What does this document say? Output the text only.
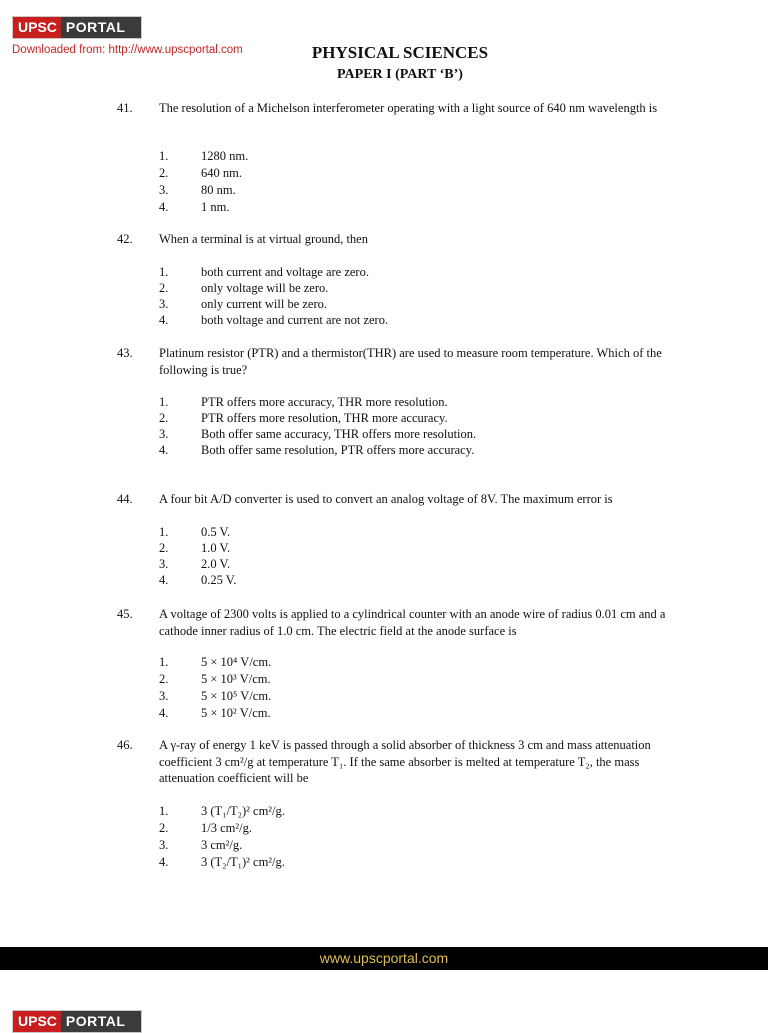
UPSC PORTAL
Downloaded from: http://www.upscportal.com	PHYSICAL SCIENCES
PAPER I (PART ‘B’)
41. The resolution of a Michelson interferometer operating with a light source of 640 nm wavelength is
1.	1280 nm.
2.	640 nm.
3.	80 nm.
4.	1 nm.
42. When a terminal is at virtual ground, then
1.	both current and voltage are zero.
2.	only voltage will be zero.
3.	only current will be zero.
4.	both voltage and current are not zero.
43. Platinum resistor (PTR) and a thermistor(THR) are used to measure room temperature. Which of the following is true?
1.	PTR offers more accuracy, THR more resolution.
2.	PTR offers more resolution, THR more accuracy.
3.	Both offer same accuracy, THR offers more resolution.
4.	Both offer same resolution, PTR offers more accuracy.
44. A four bit A/D converter is used to convert an analog voltage of 8V. The maximum error is
1.	0.5 V.
2.	1.0 V.
3.	2.0 V.
4.	0.25 V.
45. A voltage of 2300 volts is applied to a cylindrical counter with an anode wire of radius 0.01 cm and a cathode inner radius of 1.0 cm. The electric field at the anode surface is
1.	5 × 10⁴ V/cm.
2.	5 × 10³ V/cm.
3.	5 × 10⁵ V/cm.
4.	5 × 10² V/cm.
46. A γ-ray of energy 1 keV is passed through a solid absorber of thickness 3 cm and mass attenuation coefficient 3 cm²/g at temperature T₁. If the same absorber is melted at temperature T₂, the mass attenuation coefficient will be
1.	3 (T₁/T₂)² cm²/g.
2.	1/3 cm²/g.
3.	3 cm²/g.
4.	3 (T₂/T₁)² cm²/g.
www.upscportal.com
UPSC PORTAL
